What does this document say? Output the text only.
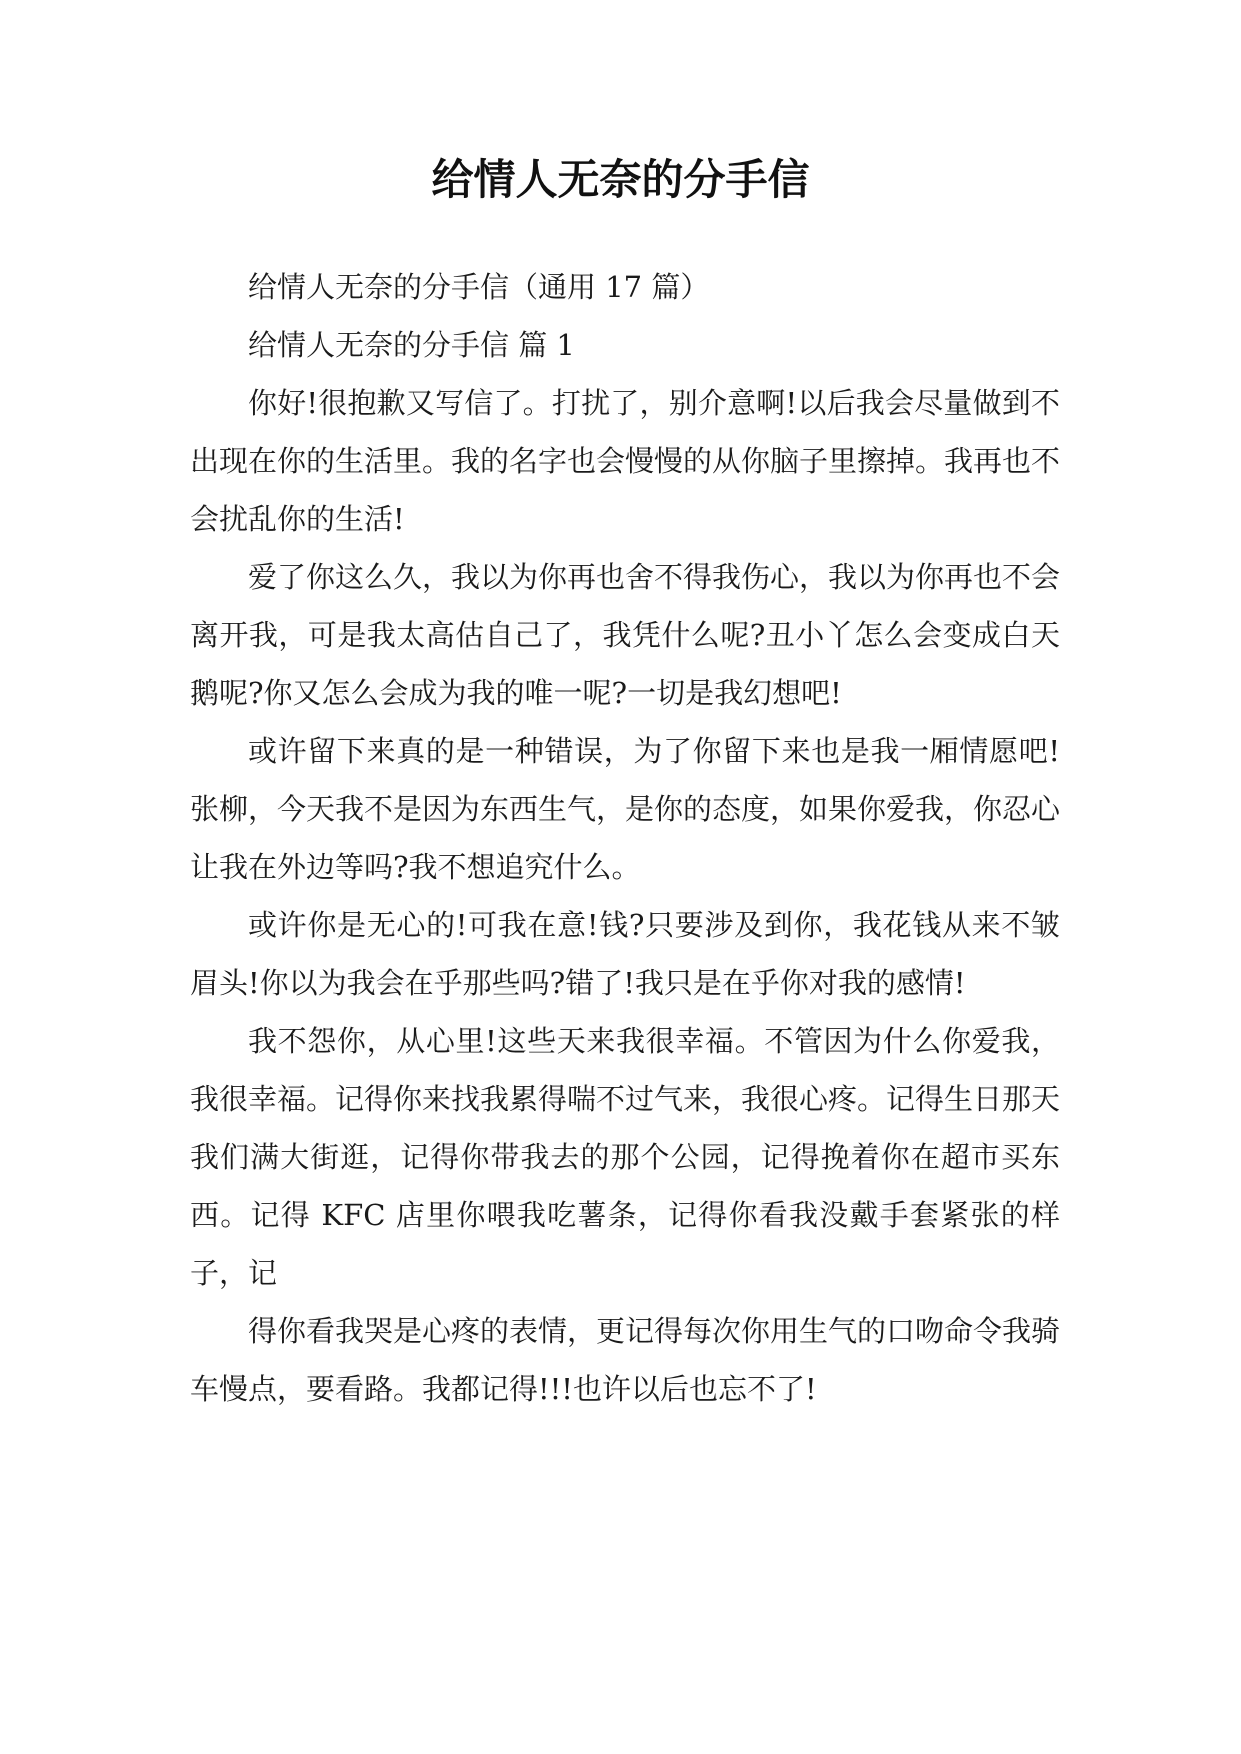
给情人无奈的分手信

给情人无奈的分手信（通用 17 篇）

给情人无奈的分手信 篇 1

你好!很抱歉又写信了。打扰了，别介意啊!以后我会尽量做到不出现在你的生活里。我的名字也会慢慢的从你脑子里擦掉。我再也不会扰乱你的生活!

爱了你这么久，我以为你再也舍不得我伤心，我以为你再也不会离开我，可是我太高估自己了，我凭什么呢?丑小丫怎么会变成白天鹅呢?你又怎么会成为我的唯一呢?一切是我幻想吧!

或许留下来真的是一种错误，为了你留下来也是我一厢情愿吧!张柳，今天我不是因为东西生气，是你的态度，如果你爱我，你忍心让我在外边等吗?我不想追究什么。

或许你是无心的!可我在意!钱?只要涉及到你，我花钱从来不皱眉头!你以为我会在乎那些吗?错了!我只是在乎你对我的感情!

我不怨你，从心里!这些天来我很幸福。不管因为什么你爱我，我很幸福。记得你来找我累得喘不过气来，我很心疼。记得生日那天我们满大街逛，记得你带我去的那个公园，记得挽着你在超市买东西。记得 KFC 店里你喂我吃薯条，记得你看我没戴手套紧张的样子，记

得你看我哭是心疼的表情，更记得每次你用生气的口吻命令我骑车慢点，要看路。我都记得!!!也许以后也忘不了!
